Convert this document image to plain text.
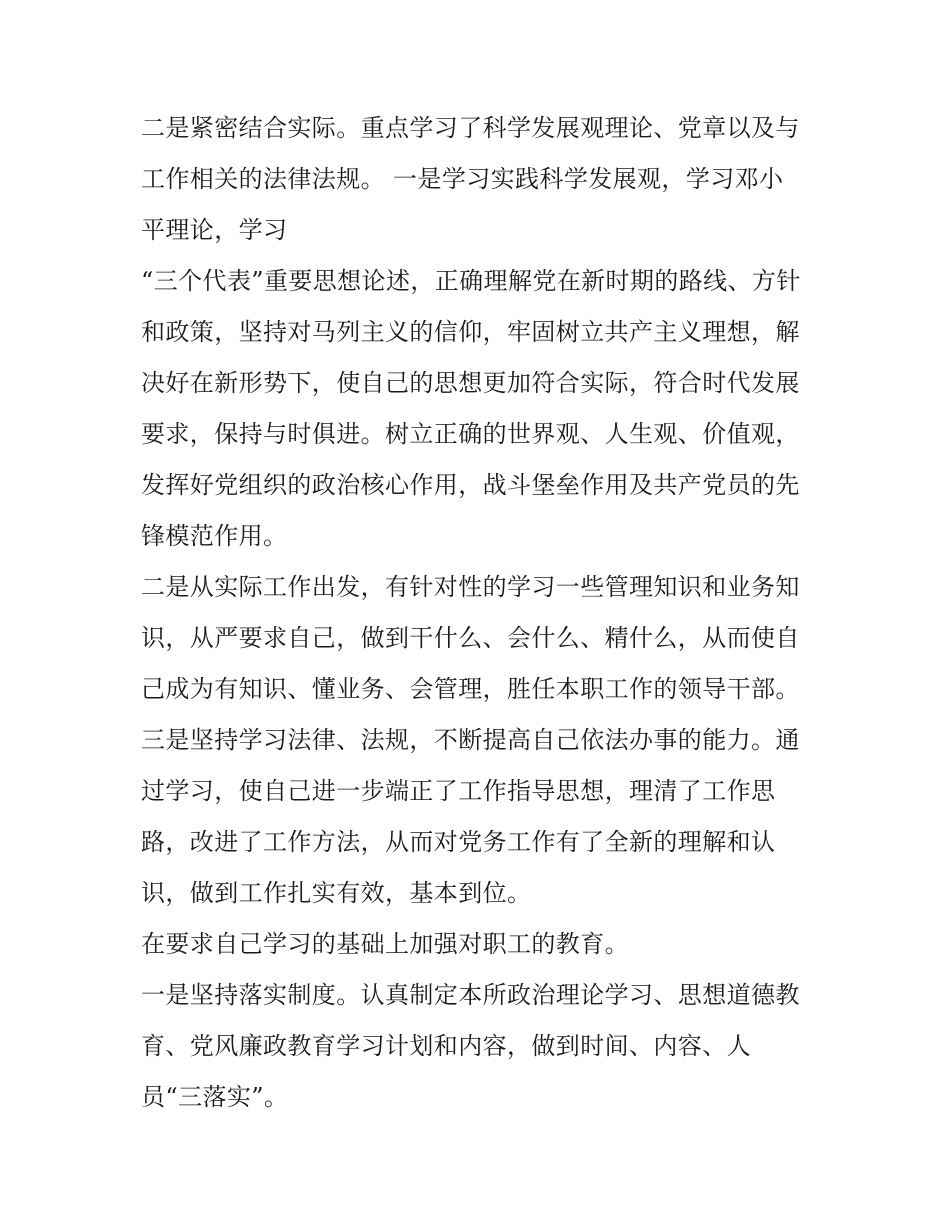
二是紧密结合实际。重点学习了科学发展观理论、党章以及与
工作相关的法律法规。 一是学习实践科学发展观，学习邓小
平理论，学习
“三个代表”重要思想论述，正确理解党在新时期的路线、方针
和政策，坚持对马列主义的信仰，牢固树立共产主义理想，解
决好在新形势下，使自己的思想更加符合实际，符合时代发展
要求，保持与时俱进。树立正确的世界观、人生观、价值观，
发挥好党组织的政治核心作用，战斗堡垒作用及共产党员的先
锋模范作用。
二是从实际工作出发，有针对性的学习一些管理知识和业务知
识，从严要求自己，做到干什么、会什么、精什么，从而使自
己成为有知识、懂业务、会管理，胜任本职工作的领导干部。
三是坚持学习法律、法规，不断提高自己依法办事的能力。通
过学习，使自己进一步端正了工作指导思想，理清了工作思
路，改进了工作方法，从而对党务工作有了全新的理解和认
识，做到工作扎实有效，基本到位。
在要求自己学习的基础上加强对职工的教育。
一是坚持落实制度。认真制定本所政治理论学习、思想道德教
育、党风廉政教育学习计划和内容，做到时间、内容、人
员“三落实”。
